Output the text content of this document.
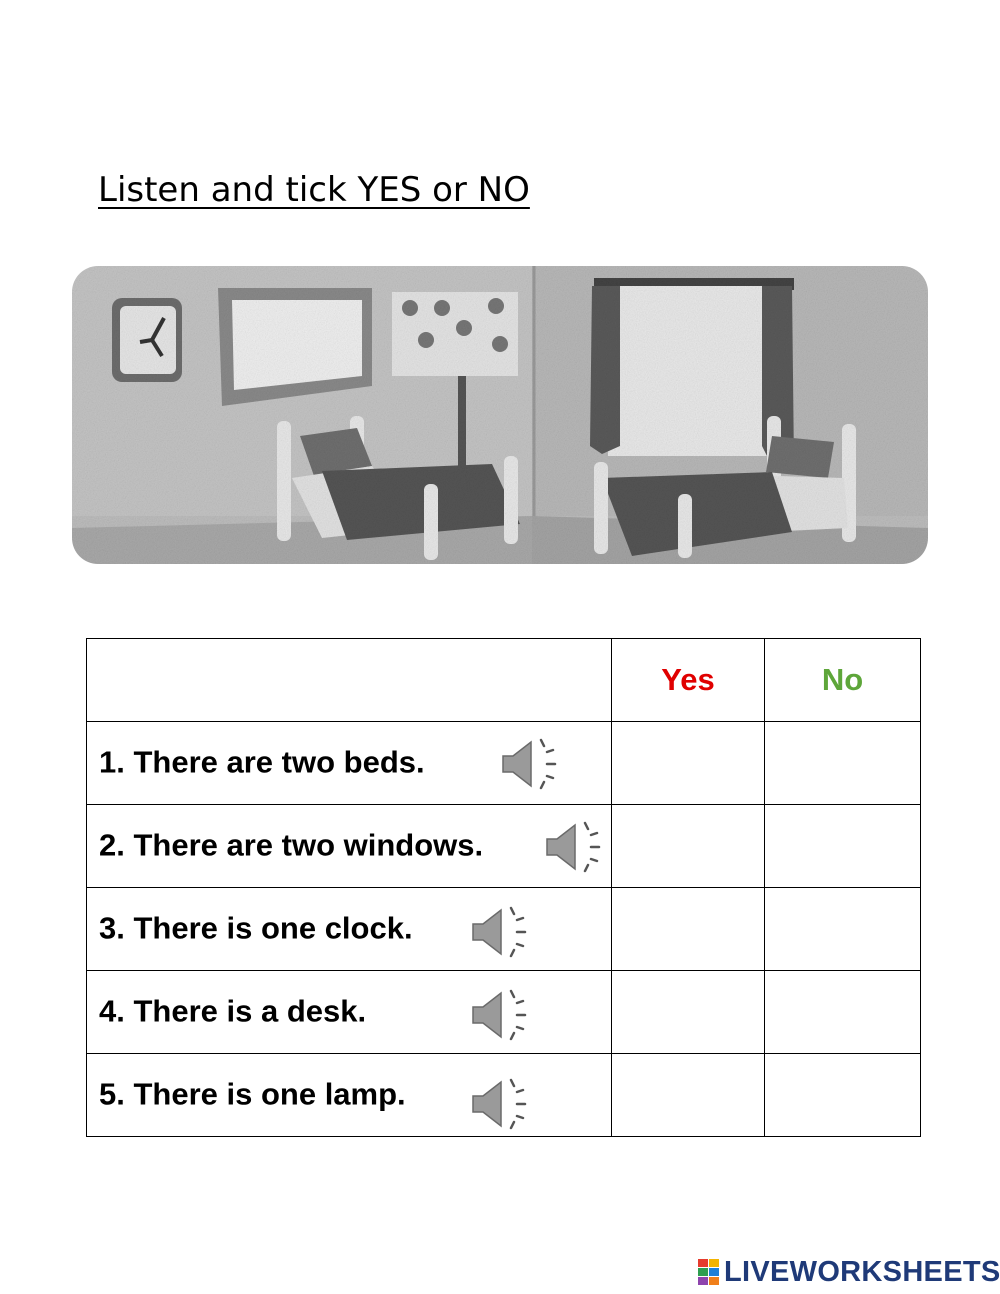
Listen and tick YES or NO
	Yes	No

1. There are two beds.		

2. There are two windows.		

3. There is one clock.		

4. There is a desk.		

5. There is one lamp.		

LIVEWORKSHEETS
